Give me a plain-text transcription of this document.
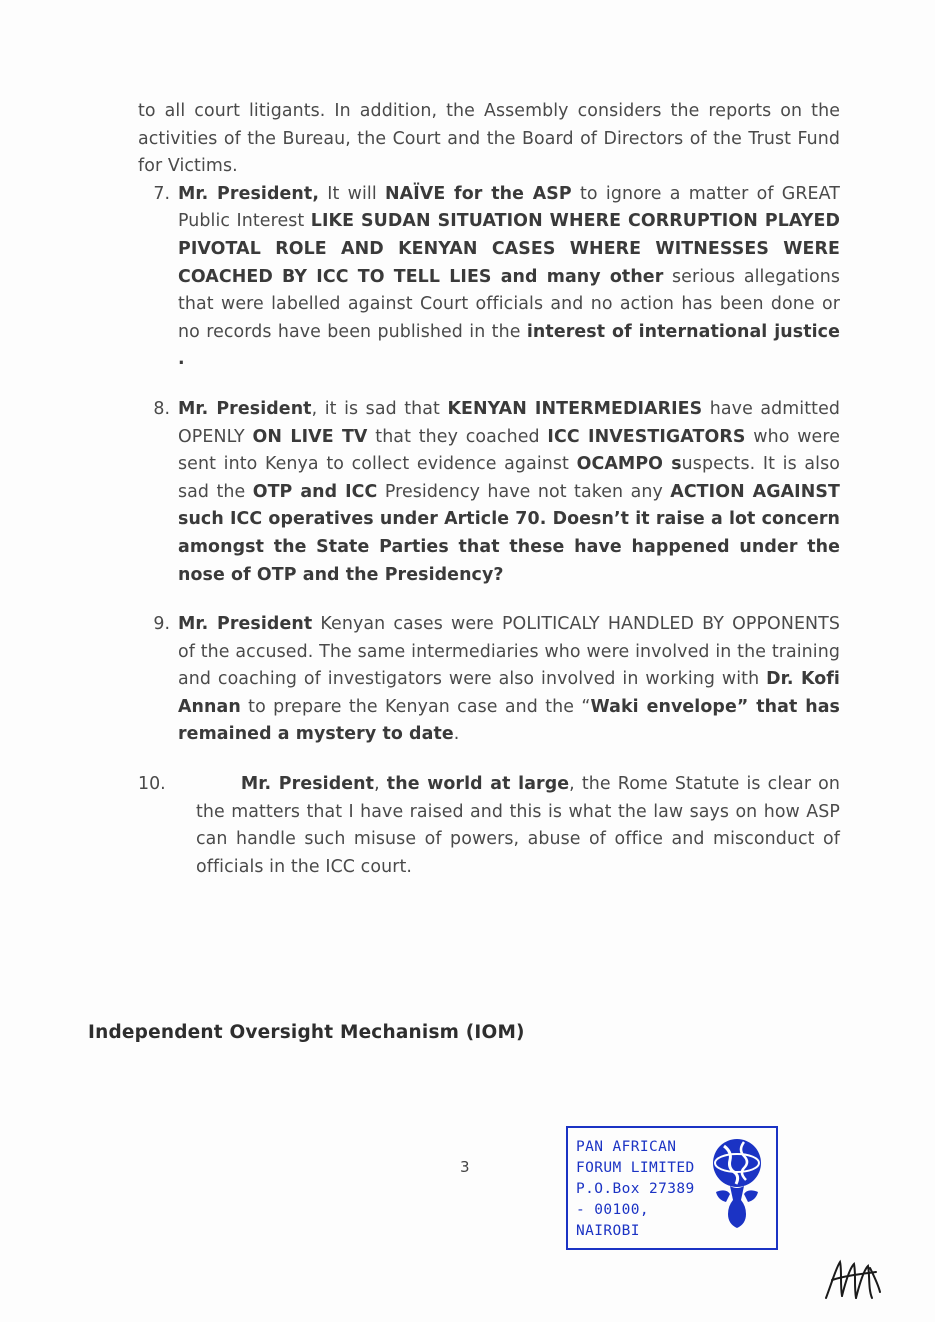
to all court litigants. In addition, the Assembly considers the reports on the activities of the Bureau, the Court and the Board of Directors of the Trust Fund for Victims.

7. Mr. President, It will NAÏVE for the ASP to ignore a matter of GREAT Public Interest LIKE SUDAN SITUATION WHERE CORRUPTION PLAYED PIVOTAL ROLE AND KENYAN CASES WHERE WITNESSES WERE COACHED BY ICC TO TELL LIES and many other serious allegations that were labelled against Court officials and no action has been done or no records have been published in the interest of international justice .

8. Mr. President, it is sad that KENYAN INTERMEDIARIES have admitted OPENLY ON LIVE TV that they coached ICC INVESTIGATORS who were sent into Kenya to collect evidence against OCAMPO suspects. It is also sad the OTP and ICC Presidency have not taken any ACTION AGAINST such ICC operatives under Article 70. Doesn’t it raise a lot concern amongst the State Parties that these have happened under the nose of OTP and the Presidency?

9. Mr. President Kenyan cases were POLITICALY HANDLED BY OPPONENTS of the accused. The same intermediaries who were involved in the training and coaching of investigators were also involved in working with Dr. Kofi Annan to prepare the Kenyan case and the “Waki envelope” that has remained a mystery to date.

10.	Mr. President, the world at large, the Rome Statute is clear on the matters that I have raised and this is what the law says on how ASP can handle such misuse of powers, abuse of office and misconduct of officials in the ICC court.

Independent Oversight Mechanism (IOM)
3
PAN AFRICAN
FORUM LIMITED
P.O.Box 27389
- 00100,
NAIROBI
